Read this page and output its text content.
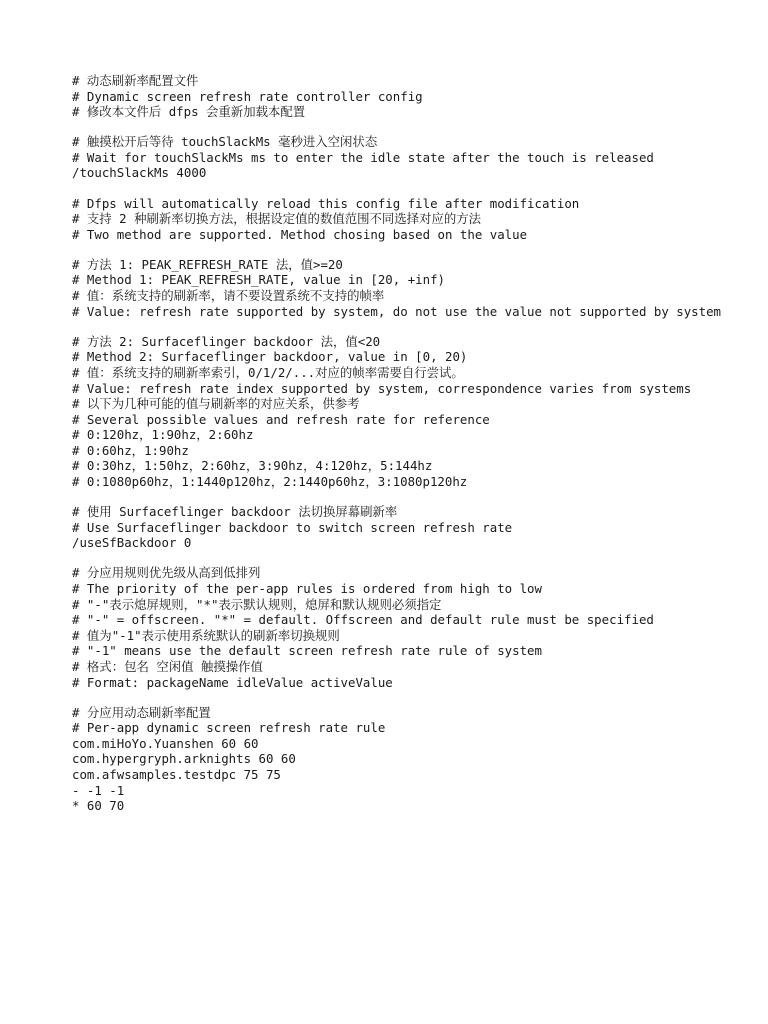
# 动态刷新率配置文件
# Dynamic screen refresh rate controller config
# 修改本文件后 dfps 会重新加载本配置
# 触摸松开后等待 touchSlackMs 毫秒进入空闲状态
# Wait for touchSlackMs ms to enter the idle state after the touch is released
/touchSlackMs 4000
# Dfps will automatically reload this config file after modification
# 支持 2 种刷新率切换方法，根据设定值的数值范围不同选择对应的方法
# Two method are supported. Method chosing based on the value
# 方法 1: PEAK_REFRESH_RATE 法，值>=20
# Method 1: PEAK_REFRESH_RATE, value in [20, +inf)
# 值：系统支持的刷新率，请不要设置系统不支持的帧率
# Value: refresh rate supported by system, do not use the value not supported by system
# 方法 2: Surfaceflinger backdoor 法，值<20
# Method 2: Surfaceflinger backdoor, value in [0, 20)
# 值：系统支持的刷新率索引，0/1/2/...对应的帧率需要自行尝试。
# Value: refresh rate index supported by system, correspondence varies from systems
# 以下为几种可能的值与刷新率的对应关系，供参考
# Several possible values and refresh rate for reference
# 0:120hz，1:90hz，2:60hz
# 0:60hz，1:90hz
# 0:30hz，1:50hz，2:60hz，3:90hz，4:120hz，5:144hz
# 0:1080p60hz，1:1440p120hz，2:1440p60hz，3:1080p120hz
# 使用 Surfaceflinger backdoor 法切换屏幕刷新率
# Use Surfaceflinger backdoor to switch screen refresh rate
/useSfBackdoor 0
# 分应用规则优先级从高到低排列
# The priority of the per-app rules is ordered from high to low
# "-"表示熄屏规则，"*"表示默认规则，熄屏和默认规则必须指定
# "-" = offscreen. "*" = default. Offscreen and default rule must be specified
# 值为"-1"表示使用系统默认的刷新率切换规则
# "-1" means use the default screen refresh rate rule of system
# 格式：包名 空闲值 触摸操作值
# Format: packageName idleValue activeValue
# 分应用动态刷新率配置
# Per-app dynamic screen refresh rate rule
com.miHoYo.Yuanshen 60 60
com.hypergryph.arknights 60 60
com.afwsamples.testdpc 75 75
- -1 -1
* 60 70
